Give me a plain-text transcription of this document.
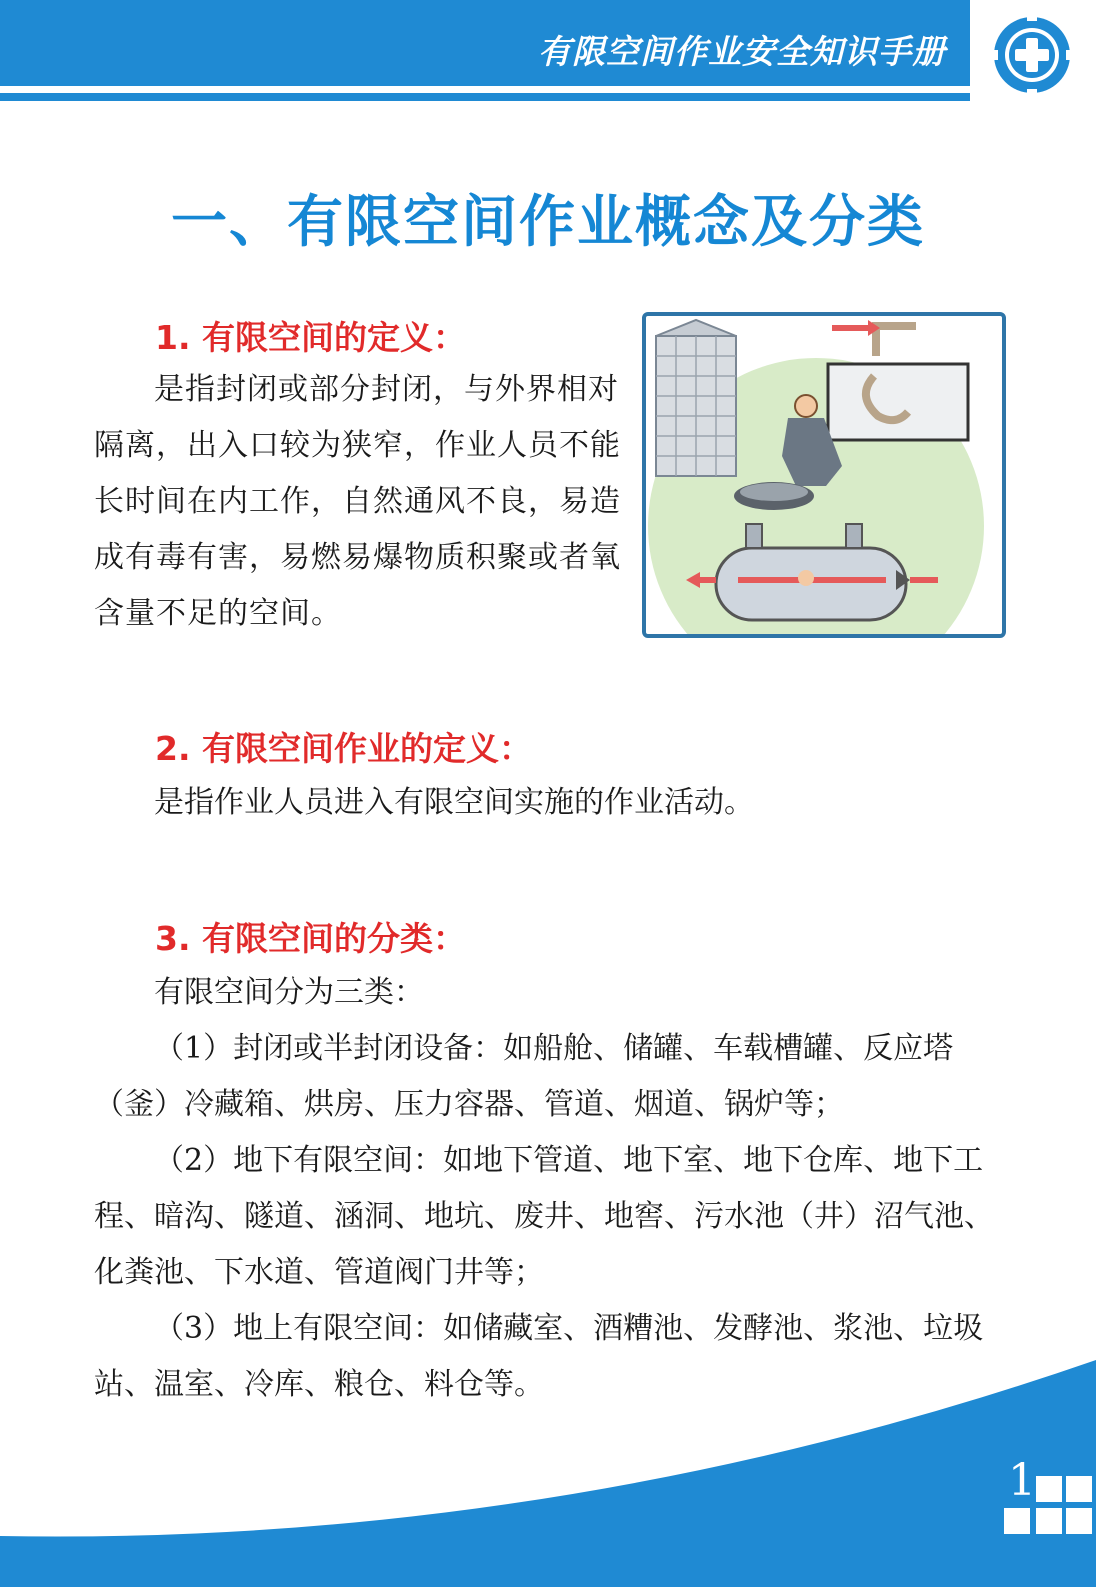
有限空间作业安全知识手册
一、有限空间作业概念及分类
1. 有限空间的定义：
是指封闭或部分封闭，与外界相对隔离，出入口较为狭窄，作业人员不能长时间在内工作，自然通风不良，易造成有毒有害，易燃易爆物质积聚或者氧含量不足的空间。
2. 有限空间作业的定义：
是指作业人员进入有限空间实施的作业活动。
3. 有限空间的分类：
有限空间分为三类：
（1）封闭或半封闭设备：如船舱、储罐、车载槽罐、反应塔（釜）冷藏箱、烘房、压力容器、管道、烟道、锅炉等；
（2）地下有限空间：如地下管道、地下室、地下仓库、地下工程、暗沟、隧道、涵洞、地坑、废井、地窖、污水池（井）沼气池、化粪池、下水道、管道阀门井等；
（3）地上有限空间：如储藏室、酒糟池、发酵池、浆池、垃圾站、温室、冷库、粮仓、料仓等。
1
